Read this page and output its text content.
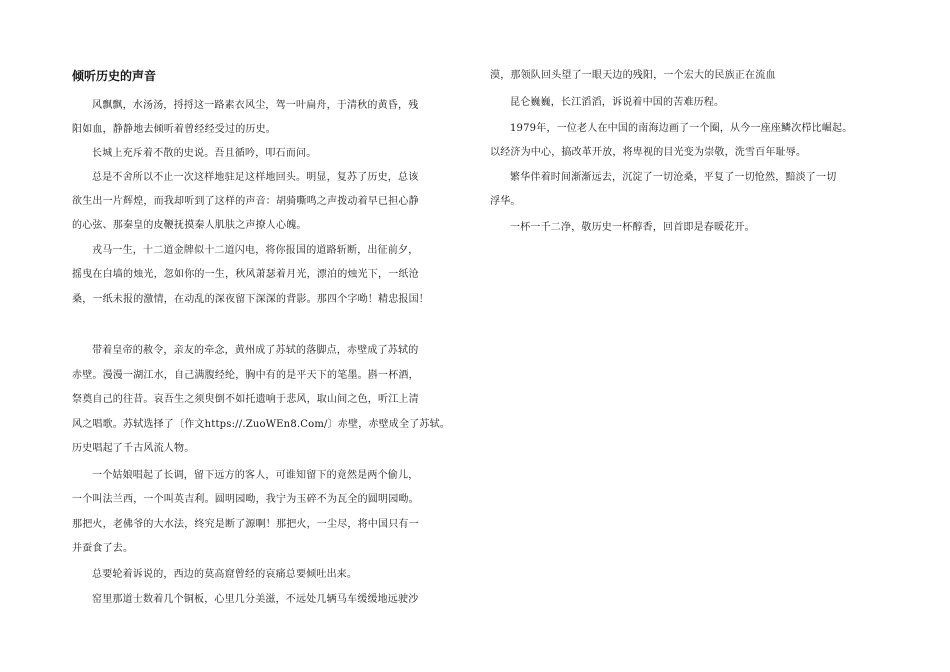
倾听历史的声音
风飘飘，水汤汤，捋捋这一路素衣风尘，驾一叶扁舟，于清秋的黄昏，残
阳如血，静静地去倾听着曾经经受过的历史。
长城上充斥着不散的史说。吾且循吟，叩石而问。
总是不舍所以不止一次这样地驻足这样地回头。明显，复苏了历史，总该
欲生出一片辉煌，而我却听到了这样的声音：胡骑嘶鸣之声拨动着早已担心静
的心弦、那秦皇的皮鞭抚摸秦人肌肤之声撩人心魄。
戎马一生，十二道金牌似十二道闪电，将你报国的道路斩断，出征前夕，
摇曳在白墙的烛光，忽如你的一生，秋风萧瑟着月光，漂泊的烛光下，一纸沧
桑，一纸未报的激情，在动乱的深夜留下深深的背影。那四个字呦！精忠报国！
带着皇帝的赦令，亲友的牵念，黄州成了苏轼的落脚点，赤壁成了苏轼的
赤壁。漫漫一湖江水，自己满腹经纶，胸中有的是平天下的笔墨。斟一杯酒，
祭奠自己的往昔。哀吾生之须臾倒不如托遗响于悲风，取山间之色，听江上清
风之唱歌。苏轼选择了〔作文https://.ZuoWEn8.Com/〕赤壁，赤壁成全了苏轼。
历史唱起了千古风流人物。
一个姑娘唱起了长调，留下远方的客人，可谁知留下的竟然是两个偷儿，
一个叫法兰西，一个叫英吉利。圆明园呦，我宁为玉碎不为瓦全的圆明园呦。
那把火，老佛爷的大水法，终究是断了源啊！那把火，一尘尽，将中国只有一
并蚕食了去。
总要轮着诉说的，西边的莫高窟曾经的哀痛总要倾吐出来。
窑里那道士数着几个铜板，心里几分美滋，不远处几辆马车缓缓地远驶沙
漠，那领队回头望了一眼天边的残阳，一个宏大的民族正在流血
昆仑巍巍，长江滔滔，诉说着中国的苦难历程。
1979年，一位老人在中国的南海边画了一个圈，从今一座座鳞次栉比崛起。
以经济为中心，搞改革开放，将卑视的目光变为崇敬，洗雪百年耻辱。
繁华伴着时间渐渐远去，沉淀了一切沧桑，平复了一切怆然，黯淡了一切
浮华。
一杯一千二净，敬历史一杯醇香，回首即是春暖花开。
